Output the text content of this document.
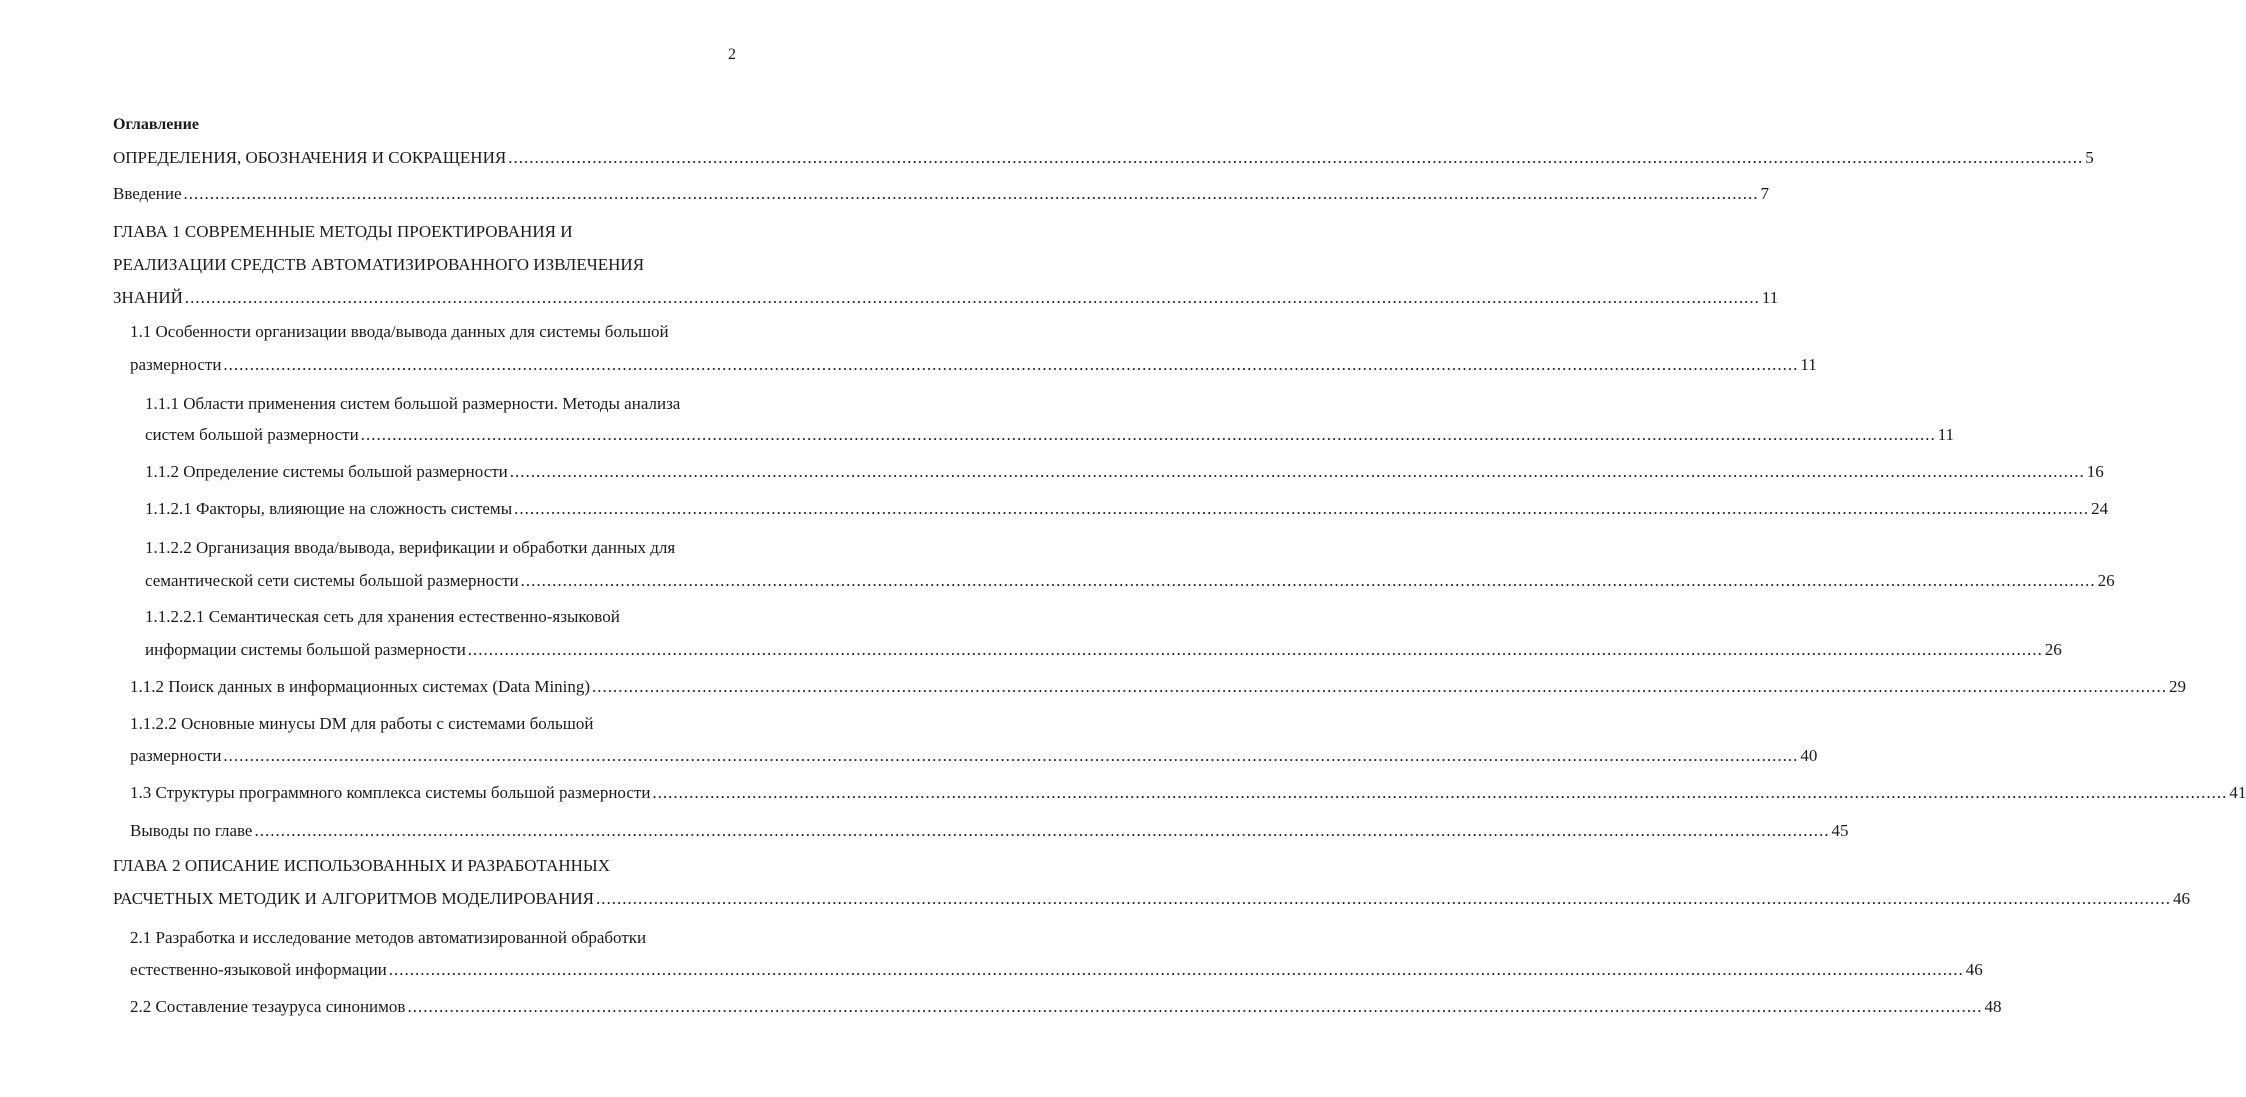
2
Оглавление
ОПРЕДЕЛЕНИЯ, ОБОЗНАЧЕНИЯ И СОКРАЩЕНИЯ ............................................................................................................................................................................................................................................................................................................ 5
Введение ............................................................................................................................................................................................................................................................................................................ 7
ГЛАВА 1 СОВРЕМЕННЫЕ МЕТОДЫ ПРОЕКТИРОВАНИЯ И
РЕАЛИЗАЦИИ СРЕДСТВ АВТОМАТИЗИРОВАННОГО ИЗВЛЕЧЕНИЯ
ЗНАНИЙ ............................................................................................................................................................................................................................................................................................................ 11
1.1 Особенности организации ввода/вывода данных для системы большой
размерности ............................................................................................................................................................................................................................................................................................................ 11
1.1.1 Области применения систем большой размерности. Методы анализа
систем большой размерности ............................................................................................................................................................................................................................................................................................................ 11
1.1.2 Определение системы большой размерности ............................................................................................................................................................................................................................................................................................................ 16
1.1.2.1 Факторы, влияющие на сложность системы ............................................................................................................................................................................................................................................................................................................ 24
1.1.2.2 Организация ввода/вывода, верификации и обработки данных для
семантической сети системы большой размерности ............................................................................................................................................................................................................................................................................................................ 26
1.1.2.2.1 Семантическая сеть для хранения естественно-языковой
информации системы большой размерности ............................................................................................................................................................................................................................................................................................................ 26
1.1.2 Поиск данных в информационных системах (Data Mining) ............................................................................................................................................................................................................................................................................................................ 29
1.1.2.2 Основные минусы DM для работы с системами большой
размерности ............................................................................................................................................................................................................................................................................................................ 40
1.3 Структуры программного комплекса системы большой размерности ............................................................................................................................................................................................................................................................................................................ 41
Выводы по главе ............................................................................................................................................................................................................................................................................................................ 45
ГЛАВА 2 ОПИСАНИЕ ИСПОЛЬЗОВАННЫХ И РАЗРАБОТАННЫХ
РАСЧЕТНЫХ МЕТОДИК И АЛГОРИТМОВ МОДЕЛИРОВАНИЯ ............................................................................................................................................................................................................................................................................................................ 46
2.1 Разработка и исследование методов автоматизированной обработки
естественно-языковой информации ............................................................................................................................................................................................................................................................................................................ 46
2.2 Составление тезауруса синонимов ............................................................................................................................................................................................................................................................................................................ 48
